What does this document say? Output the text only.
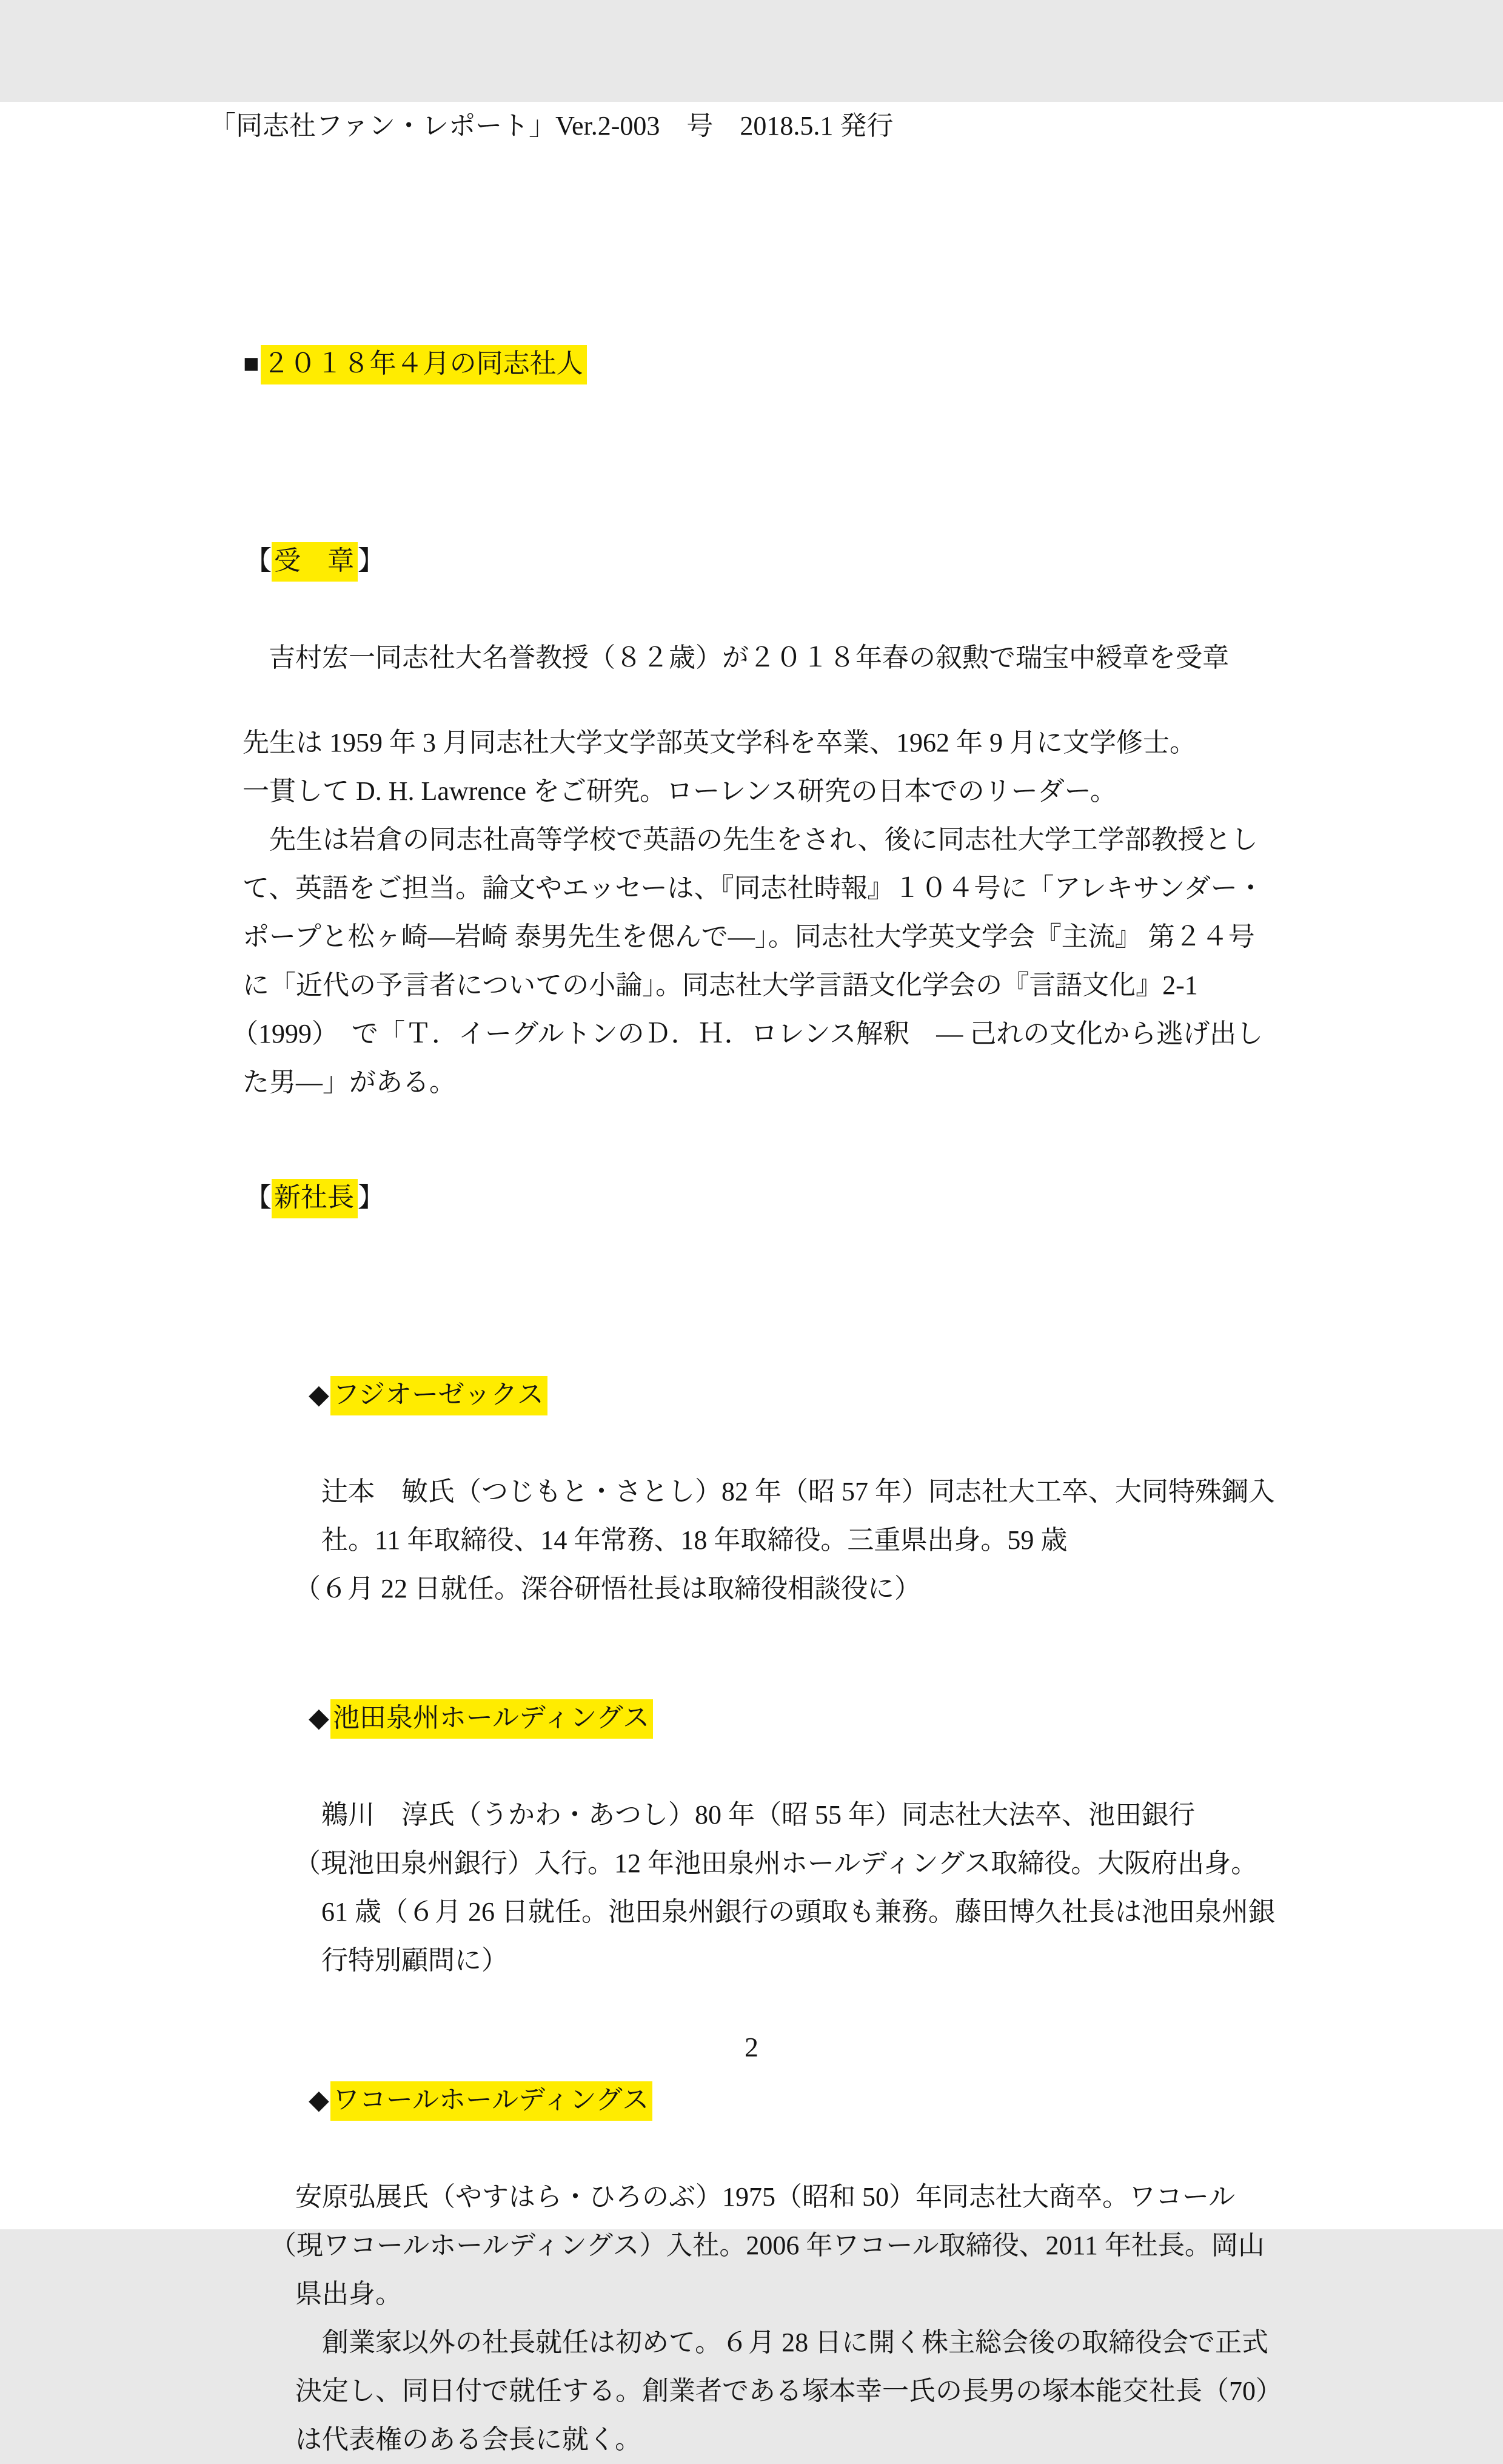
「同志社ファン・レポート」Ver.2-003　号　2018.5.1 発行

■ ２０１８年４月の同志社人

【受　章 】

吉村宏一同志社大名誉教授（８２歳）が２０１８年春の叙勲で瑞宝中綬章を受章
先生は 1959 年 3 月同志社大学文学部英文学科を卒業、1962 年 9 月に文学修士。
一貫して D. H. Lawrence をご研究。ローレンス研究の日本でのリーダー。
　先生は岩倉の同志社高等学校で英語の先生をされ、後に同志社大学工学部教授とし
て、英語をご担当。論文やエッセーは、『同志社時報』１０４号に「アレキサンダー・
ポープと松ヶ崎―岩崎 泰男先生を偲んで―」。同志社大学英文学会『主流』 第２４号
に「近代の予言者についての小論」。同志社大学言語文化学会の『言語文化』2-1
（1999）　で「Ｔ．イーグルトンのＤ．Ｈ．ロレンス解釈　― 己れの文化から逃げ出し
た男―」がある。

【新社長 】

◆ フジオーゼックス

辻本　敏氏（つじもと・さとし）82 年（昭 57 年）同志社大工卒、大同特殊鋼入
社。11 年取締役、14 年常務、18 年取締役。三重県出身。59 歳
（６月 22 日就任。深谷研悟社長は取締役相談役に）

◆ 池田泉州ホールディングス

鵜川　淳氏（うかわ・あつし）80 年（昭 55 年）同志社大法卒、池田銀行
（現池田泉州銀行）入行。12 年池田泉州ホールディングス取締役。大阪府出身。
61 歳（６月 26 日就任。池田泉州銀行の頭取も兼務。藤田博久社長は池田泉州銀
行特別顧問に）

◆ ワコールホールディングス

安原弘展氏（やすはら・ひろのぶ）1975（昭和 50）年同志社大商卒。ワコール
（現ワコールホールディングス）入社。2006 年ワコール取締役、2011 年社長。岡山
県出身。
　創業家以外の社長就任は初めて。６月 28 日に開く株主総会後の取締役会で正式
決定し、同日付で就任する。創業者である塚本幸一氏の長男の塚本能交社長（70）
は代表権のある会長に就く。
2
